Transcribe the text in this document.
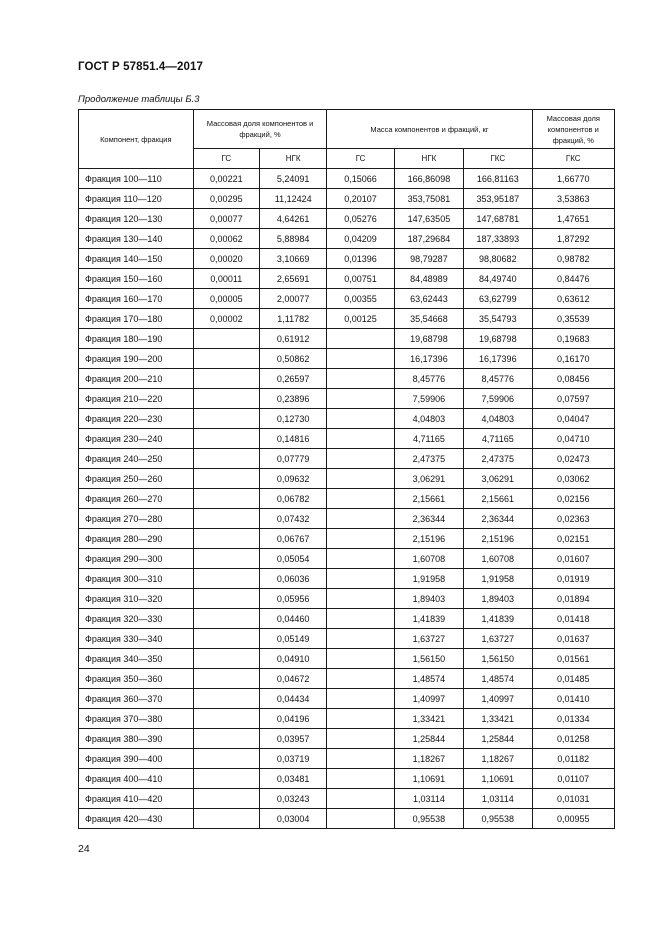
ГОСТ Р 57851.4—2017
Продолжение таблицы Б.3
Компонент, фракция	Массовая доля компонентов и фракций, %		Масса компонентов и фракций, кг			Массовая доля компонентов и фракций, %
	ГС	НГК	ГС	НГК	ГКС	ГКС
Фракция 100—110	0,00221	5,24091	0,15066	166,86098	166,81163	1,66770
Фракция 110—120	0,00295	11,12424	0,20107	353,75081	353,95187	3,53863
Фракция 120—130	0,00077	4,64261	0,05276	147,63505	147,68781	1,47651
Фракция 130—140	0,00062	5,88984	0,04209	187,29684	187,33893	1,87292
Фракция 140—150	0,00020	3,10669	0,01396	98,79287	98,80682	0,98782
Фракция 150—160	0,00011	2,65691	0,00751	84,48989	84,49740	0,84476
Фракция 160—170	0,00005	2,00077	0,00355	63,62443	63,62799	0,63612
Фракция 170—180	0,00002	1,11782	0,00125	35,54668	35,54793	0,35539
Фракция 180—190		0,61912		19,68798	19,68798	0,19683
Фракция 190—200		0,50862		16,17396	16,17396	0,16170
Фракция 200—210		0,26597		8,45776	8,45776	0,08456
Фракция 210—220		0,23896		7,59906	7,59906	0,07597
Фракция 220—230		0,12730		4,04803	4,04803	0,04047
Фракция 230—240		0,14816		4,71165	4,71165	0,04710
Фракция 240—250		0,07779		2,47375	2,47375	0,02473
Фракция 250—260		0,09632		3,06291	3,06291	0,03062
Фракция 260—270		0,06782		2,15661	2,15661	0,02156
Фракция 270—280		0,07432		2,36344	2,36344	0,02363
Фракция 280—290		0,06767		2,15196	2,15196	0,02151
Фракция 290—300		0,05054		1,60708	1,60708	0,01607
Фракция 300—310		0,06036		1,91958	1,91958	0,01919
Фракция 310—320		0,05956		1,89403	1,89403	0,01894
Фракция 320—330		0,04460		1,41839	1,41839	0,01418
Фракция 330—340		0,05149		1,63727	1,63727	0,01637
Фракция 340—350		0,04910		1,56150	1,56150	0,01561
Фракция 350—360		0,04672		1,48574	1,48574	0,01485
Фракция 360—370		0,04434		1,40997	1,40997	0,01410
Фракция 370—380		0,04196		1,33421	1,33421	0,01334
Фракция 380—390		0,03957		1,25844	1,25844	0,01258
Фракция 390—400		0,03719		1,18267	1,18267	0,01182
Фракция 400—410		0,03481		1,10691	1,10691	0,01107
Фракция 410—420		0,03243		1,03114	1,03114	0,01031
Фракция 420—430		0,03004		0,95538	0,95538	0,00955
24
